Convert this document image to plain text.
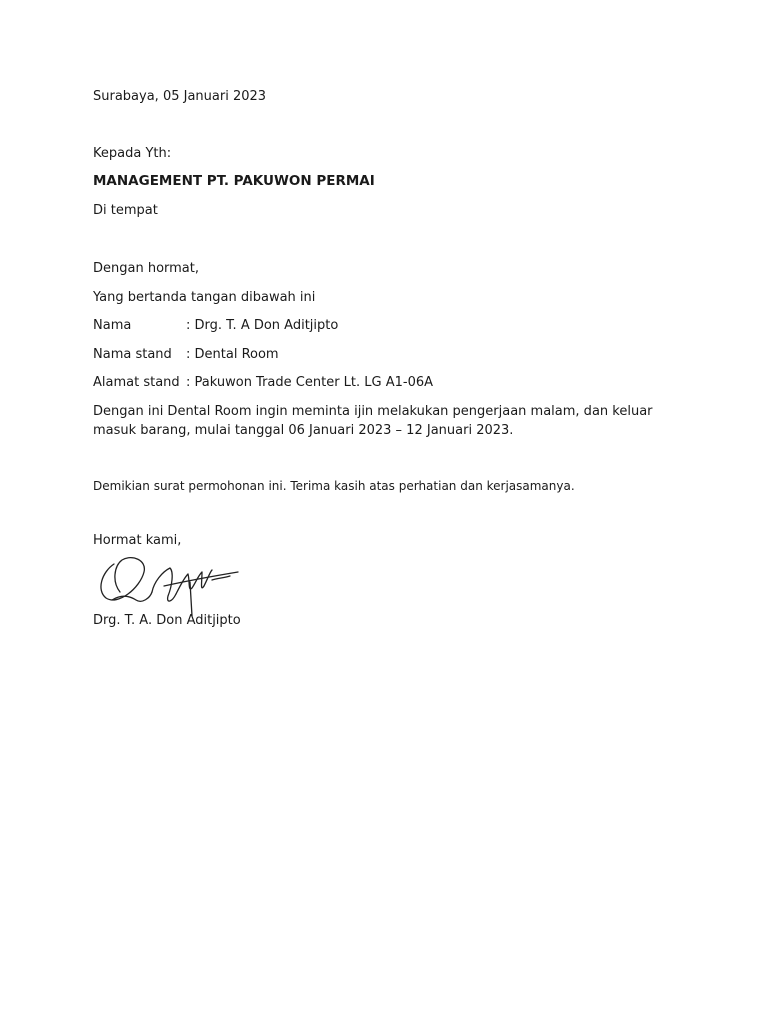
Surabaya, 05 Januari 2023
Kepada Yth:
MANAGEMENT PT. PAKUWON PERMAI
Di tempat
Dengan hormat,
Yang bertanda tangan dibawah ini
Nama	: Drg. T. A Don Aditjipto
Nama stand : Dental Room
Alamat stand : Pakuwon Trade Center Lt. LG A1-06A
Dengan ini Dental Room ingin meminta ijin melakukan pengerjaan malam, dan keluar masuk barang, mulai tanggal 06 Januari 2023 – 12 Januari 2023.
Demikian surat permohonan ini. Terima kasih atas perhatian dan kerjasamanya.
Hormat kami,
Drg. T. A. Don Aditjipto
